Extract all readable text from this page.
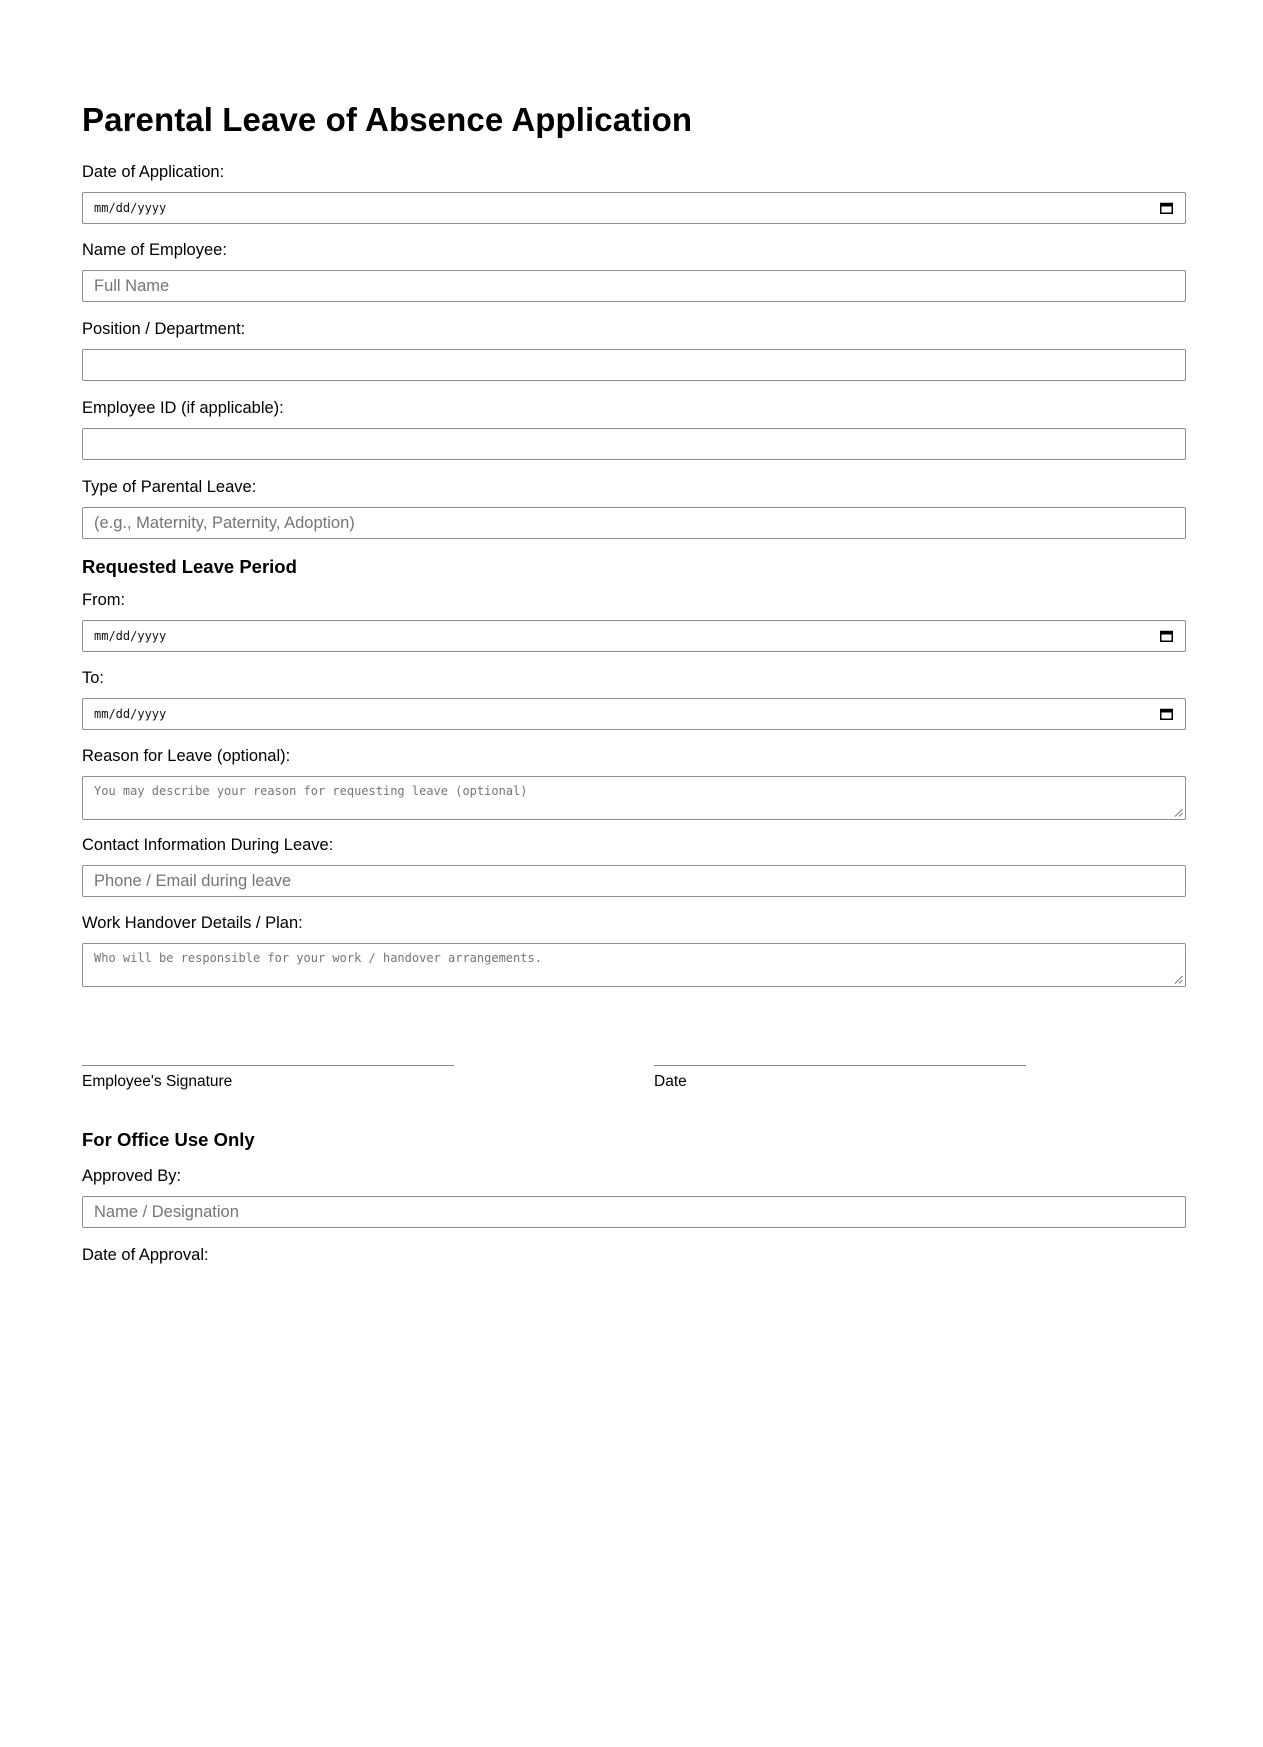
Parental Leave of Absence Application
Date of Application:
mm/dd/yyyy
Name of Employee:
Full Name
Position / Department:
Employee ID (if applicable):
Type of Parental Leave:
(e.g., Maternity, Paternity, Adoption)
Requested Leave Period
From:
mm/dd/yyyy
To:
mm/dd/yyyy
Reason for Leave (optional):
You may describe your reason for requesting leave (optional)
Contact Information During Leave:
Phone / Email during leave
Work Handover Details / Plan:
Who will be responsible for your work / handover arrangements.
Employee's Signature	Date
For Office Use Only
Approved By:
Name / Designation
Date of Approval:
